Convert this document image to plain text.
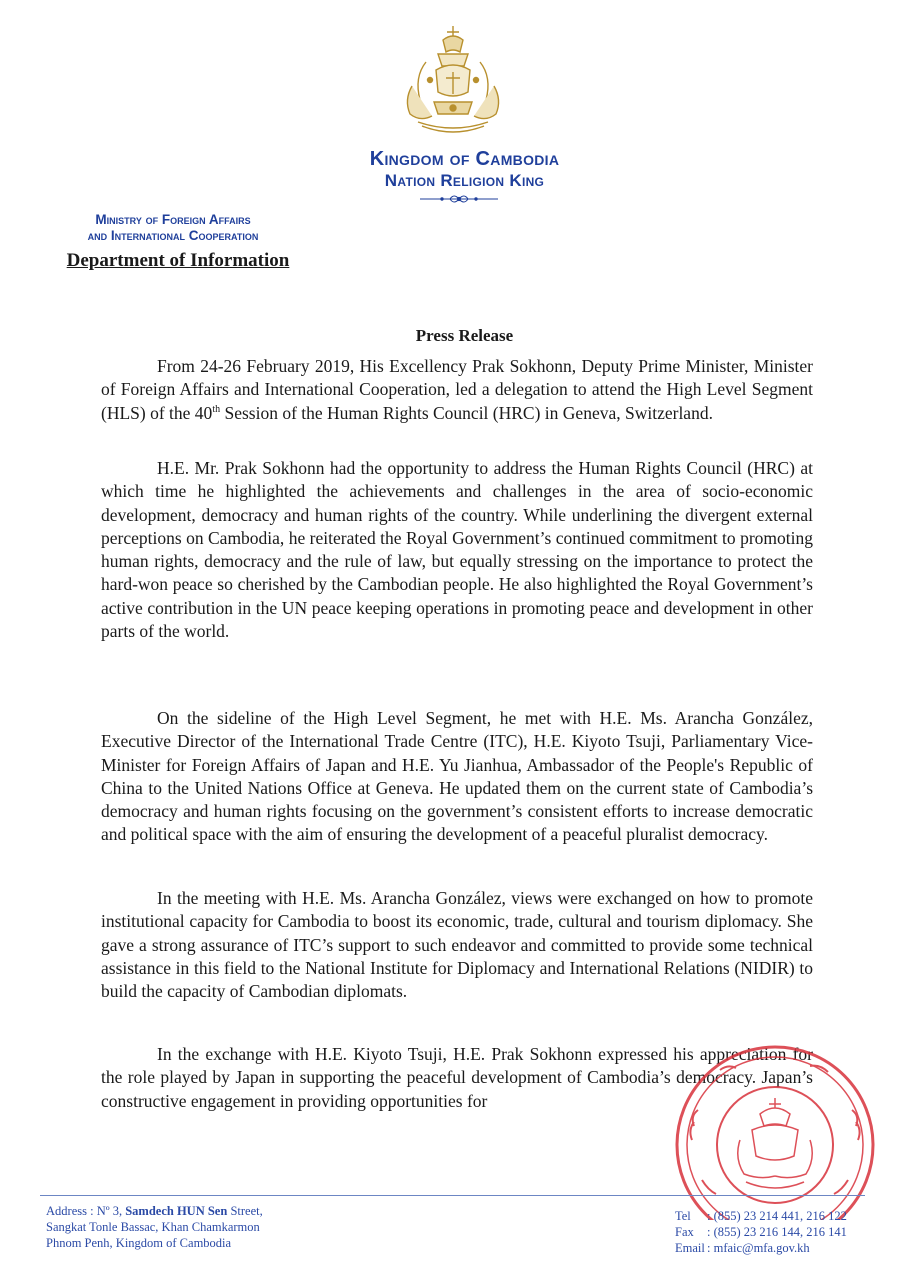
Kingdom of Cambodia
Nation Religion King
Ministry of Foreign Affairs
and International Cooperation
Department of Information
Press Release

From 24-26 February 2019, His Excellency Prak Sokhonn, Deputy Prime Minister, Minister of Foreign Affairs and International Cooperation, led a delegation to attend the High Level Segment (HLS) of the 40th Session of the Human Rights Council (HRC) in Geneva, Switzerland.

H.E. Mr. Prak Sokhonn had the opportunity to address the Human Rights Council (HRC) at which time he highlighted the achievements and challenges in the area of socio-economic development, democracy and human rights of the country. While underlining the divergent external perceptions on Cambodia, he reiterated the Royal Government’s continued commitment to promoting human rights, democracy and the rule of law, but equally stressing on the importance to protect the hard-won peace so cherished by the Cambodian people. He also highlighted the Royal Government’s active contribution in the UN peace keeping operations in promoting peace and development in other parts of the world.

On the sideline of the High Level Segment, he met with H.E. Ms. Arancha González, Executive Director of the International Trade Centre (ITC), H.E. Kiyoto Tsuji, Parliamentary Vice-Minister for Foreign Affairs of Japan and H.E. Yu Jianhua, Ambassador of the People's Republic of China to the United Nations Office at Geneva. He updated them on the current state of Cambodia’s democracy and human rights focusing on the government’s consistent efforts to increase democratic and political space with the aim of ensuring the development of a peaceful pluralist democracy.

In the meeting with H.E. Ms. Arancha González, views were exchanged on how to promote institutional capacity for Cambodia to boost its economic, trade, cultural and tourism diplomacy. She gave a strong assurance of ITC’s support to such endeavor and committed to provide some technical assistance in this field to the National Institute for Diplomacy and International Relations (NIDIR) to build the capacity of Cambodian diplomats.

In the exchange with H.E. Kiyoto Tsuji, H.E. Prak Sokhonn expressed his appreciation for the role played by Japan in supporting the peaceful development of Cambodia’s democracy. Japan’s constructive engagement in providing opportunities for

Address : Nº 3, Samdech HUN Sen Street,
Sangkat Tonle Bassac, Khan Chamkarmon
Phnom Penh, Kingdom of Cambodia
Tel : (855) 23 214 441, 216 122
Fax : (855) 23 216 144, 216 141
Email : mfaic@mfa.gov.kh
